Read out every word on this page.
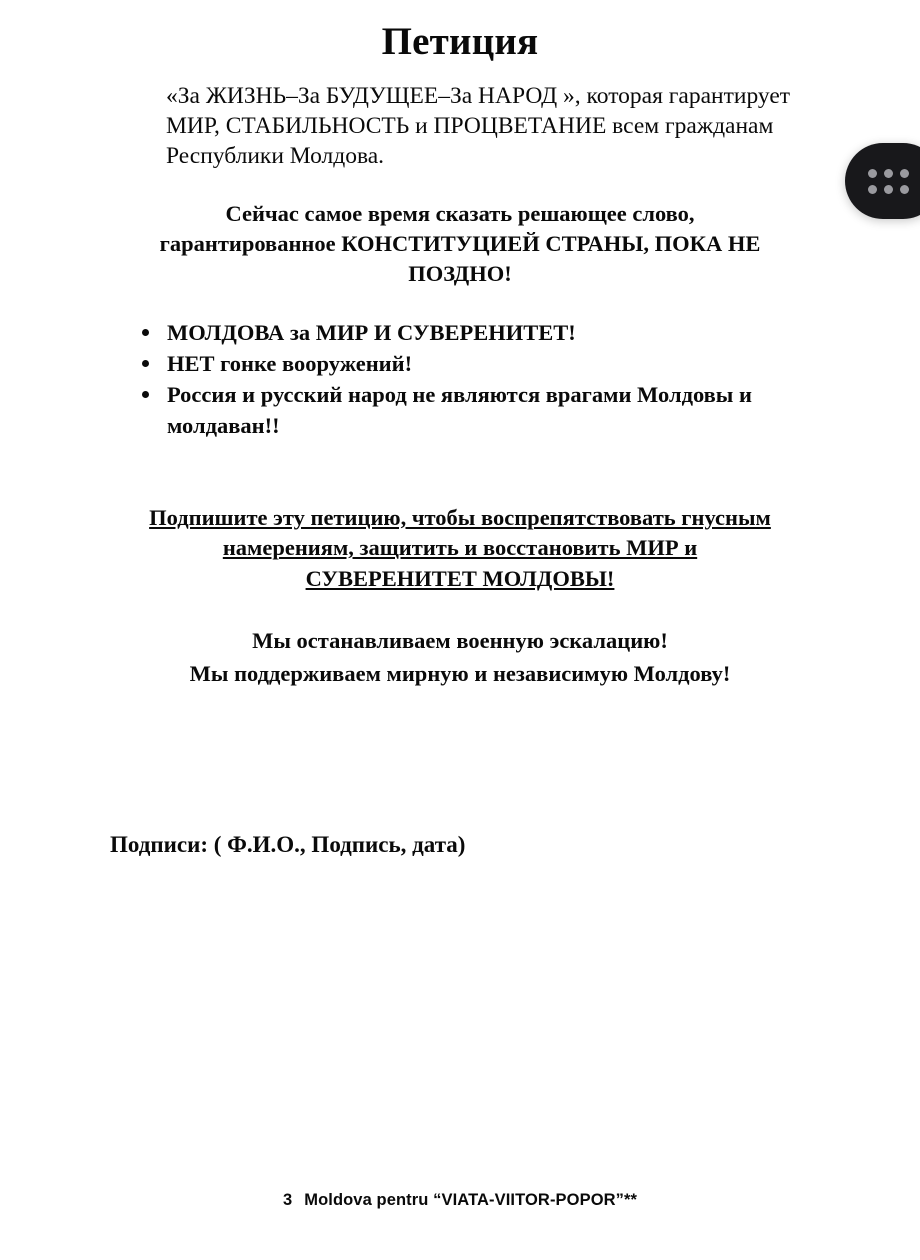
Петиция

«За ЖИЗНЬ–За БУДУЩЕЕ–За НАРОД », которая гарантирует МИР, СТАБИЛЬНОСТЬ и ПРОЦВЕТАНИЕ всем гражданам Республики Молдова.

Сейчас самое время сказать решающее слово, гарантированное КОНСТИТУЦИЕЙ СТРАНЫ, ПОКА НЕ ПОЗДНО!

МОЛДОВА за МИР И СУВЕРЕНИТЕТ!
НЕТ гонке вооружений!
Россия и русский народ не являются врагами Молдовы и молдаван!!

Подпишите эту петицию, чтобы воспрепятствовать гнусным намерениям, защитить и восстановить МИР и СУВЕРЕНИТЕТ МОЛДОВЫ!

Мы останавливаем военную эскалацию!
Мы поддерживаем мирную и независимую Молдову!

Подписи: ( Ф.И.О., Подпись, дата)

3 Moldova pentru “VIATA-VIITOR-POPOR”**
